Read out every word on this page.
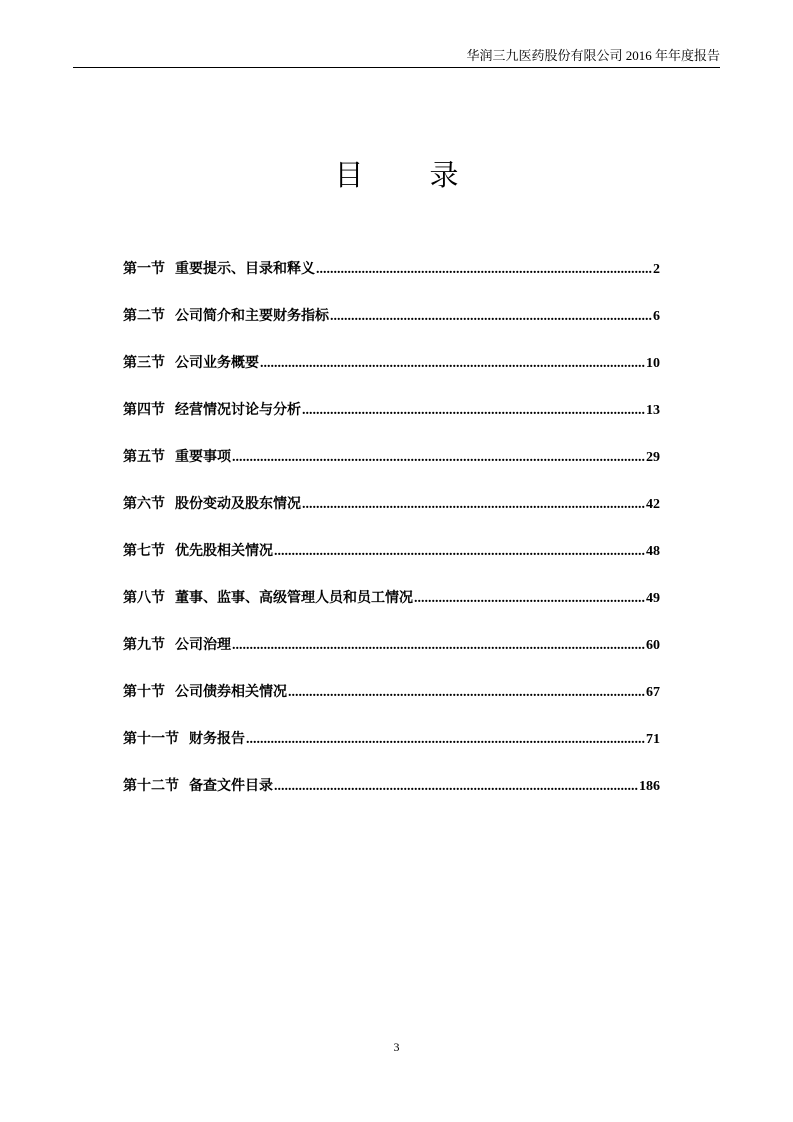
华润三九医药股份有限公司 2016 年年度报告
目 录
第一节 重要提示、目录和释义 .....	2
第二节 公司简介和主要财务指标 .....	6
第三节 公司业务概要 .....	10
第四节 经营情况讨论与分析 .....	13
第五节 重要事项 .....	29
第六节 股份变动及股东情况 .....	42
第七节 优先股相关情况 .....	48
第八节 董事、监事、高级管理人员和员工情况 .....	49
第九节 公司治理 .....	60
第十节 公司债券相关情况 .....	67
第十一节 财务报告 .....	71
第十二节 备查文件目录 .....	186
3
